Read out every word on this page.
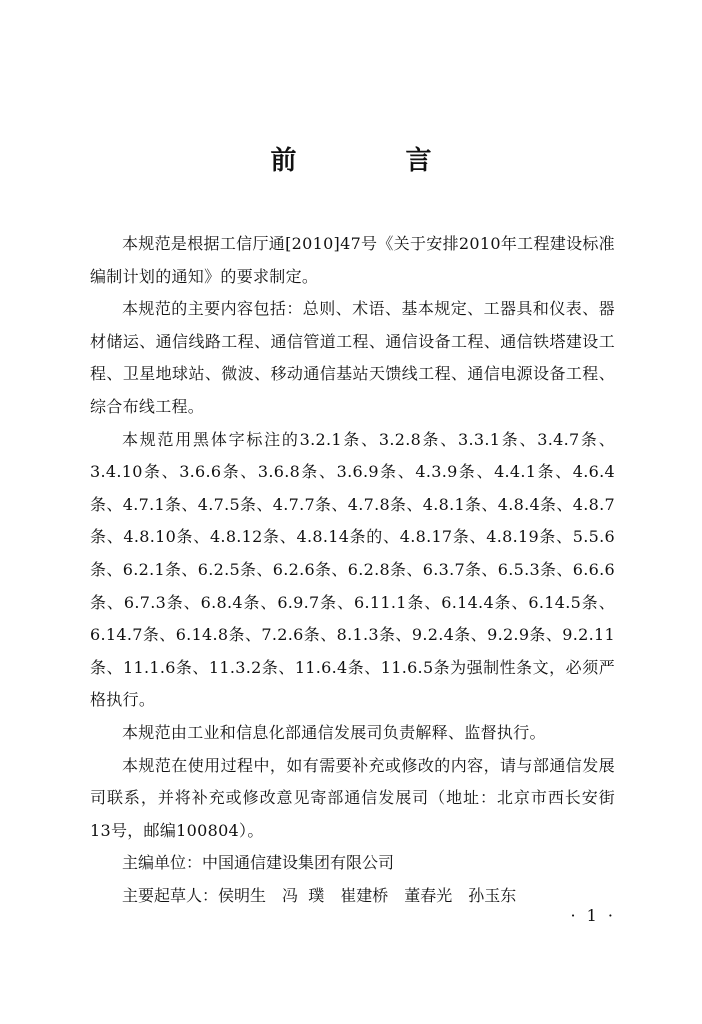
前 言

本规范是根据工信厅通[2010]47号《关于安排2010年工程建设标准编制计划的通知》的要求制定。

本规范的主要内容包括：总则、术语、基本规定、工器具和仪表、器材储运、通信线路工程、通信管道工程、通信设备工程、通信铁塔建设工程、卫星地球站、微波、移动通信基站天馈线工程、通信电源设备工程、综合布线工程。

本规范用黑体字标注的3.2.1条、3.2.8条、3.3.1条、3.4.7条、3.4.10条、3.6.6条、3.6.8条、3.6.9条、4.3.9条、4.4.1条、4.6.4条、4.7.1条、4.7.5条、4.7.7条、4.7.8条、4.8.1条、4.8.4条、4.8.7条、4.8.10条、4.8.12条、4.8.14条的、4.8.17条、4.8.19条、5.5.6条、6.2.1条、6.2.5条、6.2.6条、6.2.8条、6.3.7条、6.5.3条、6.6.6条、6.7.3条、6.8.4条、6.9.7条、6.11.1条、6.14.4条、6.14.5条、6.14.7条、6.14.8条、7.2.6条、8.1.3条、9.2.4条、9.2.9条、9.2.11条、11.1.6条、11.3.2条、11.6.4条、11.6.5条为强制性条文，必须严格执行。

本规范由工业和信息化部通信发展司负责解释、监督执行。

本规范在使用过程中，如有需要补充或修改的内容，请与部通信发展司联系，并将补充或修改意见寄部通信发展司（地址：北京市西长安街13号，邮编100804）。

主编单位：中国通信建设集团有限公司

主要起草人：侯明生 冯  璞 崔建桥 董春光 孙玉东

· 1 ·
